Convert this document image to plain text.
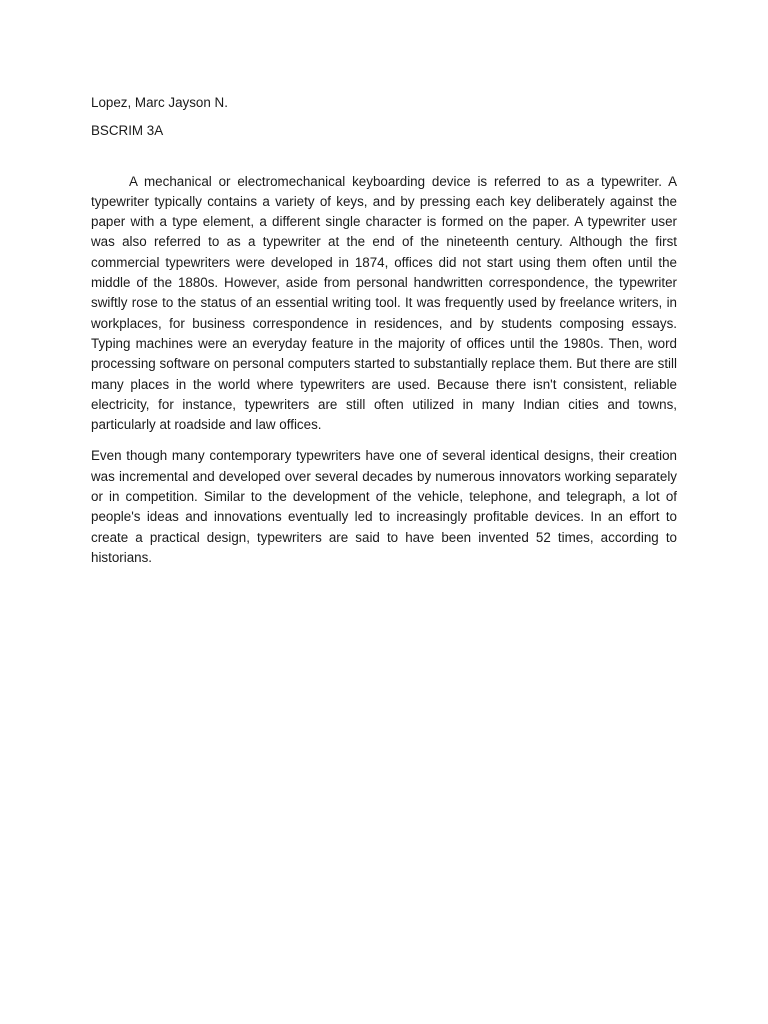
Lopez, Marc Jayson N.

BSCRIM 3A

A mechanical or electromechanical keyboarding device is referred to as a typewriter. A typewriter typically contains a variety of keys, and by pressing each key deliberately against the paper with a type element, a different single character is formed on the paper. A typewriter user was also referred to as a typewriter at the end of the nineteenth century. Although the first commercial typewriters were developed in 1874, offices did not start using them often until the middle of the 1880s. However, aside from personal handwritten correspondence, the typewriter swiftly rose to the status of an essential writing tool. It was frequently used by freelance writers, in workplaces, for business correspondence in residences, and by students composing essays. Typing machines were an everyday feature in the majority of offices until the 1980s. Then, word processing software on personal computers started to substantially replace them. But there are still many places in the world where typewriters are used. Because there isn't consistent, reliable electricity, for instance, typewriters are still often utilized in many Indian cities and towns, particularly at roadside and law offices.

Even though many contemporary typewriters have one of several identical designs, their creation was incremental and developed over several decades by numerous innovators working separately or in competition. Similar to the development of the vehicle, telephone, and telegraph, a lot of people's ideas and innovations eventually led to increasingly profitable devices. In an effort to create a practical design, typewriters are said to have been invented 52 times, according to historians.
